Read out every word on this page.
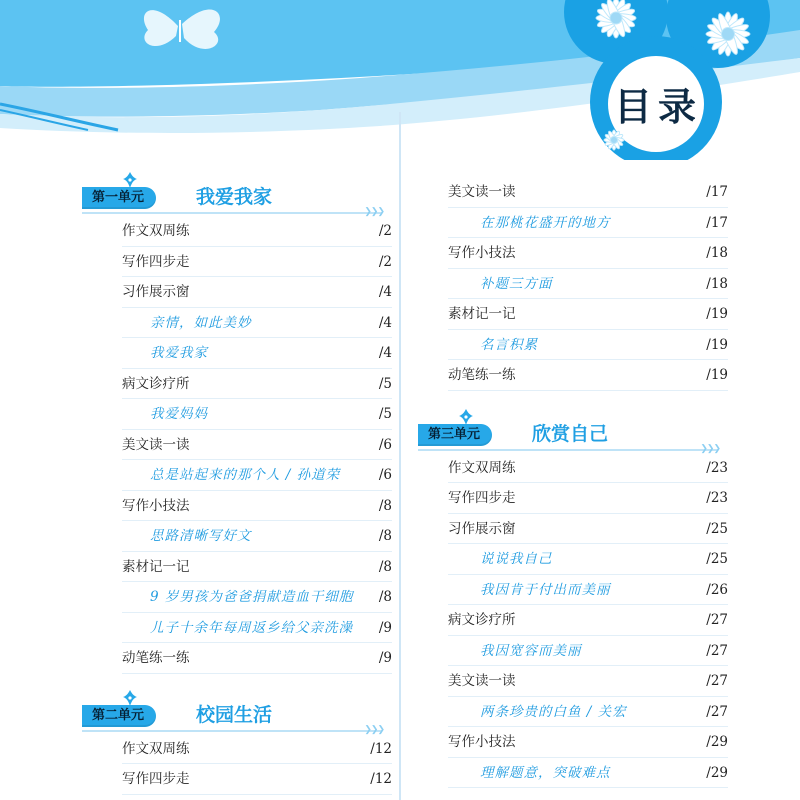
目录
第一单元	我爱我家
❯❯❯
作文双周练	/2
写作四步走	/2
习作展示窗	/4
亲情，如此美妙	/4
我爱我家	/4
病文诊疗所	/5
我爱妈妈	/5
美文读一读	/6
总是站起来的那个人 / 孙道荣	/6
写作小技法	/8
思路清晰写好文	/8
素材记一记	/8
9 岁男孩为爸爸捐献造血干细胞 /8
儿子十余年每周返乡给父亲洗澡 /9
动笔练一练	/9
第二单元	校园生活
❯❯❯
作文双周练	/12
写作四步走	/12
美文读一读	/17
在那桃花盛开的地方	/17
写作小技法	/18
补题三方面	/18
素材记一记	/19
名言积累	/19
动笔练一练	/19
第三单元	欣赏自己
❯❯❯
作文双周练	/23
写作四步走	/23
习作展示窗	/25
说说我自己	/25
我因肯于付出而美丽	/26
病文诊疗所	/27
我因宽容而美丽	/27
美文读一读	/27
两条珍贵的白鱼 / 关宏	/27
写作小技法	/29
理解题意，突破难点	/29
